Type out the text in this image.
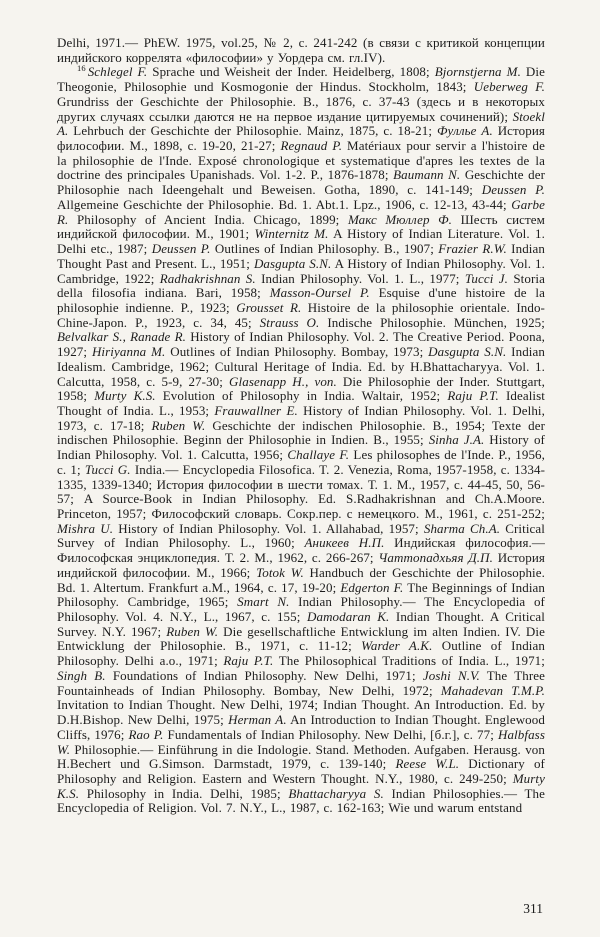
Delhi, 1971.— PhEW. 1975, vol.25, № 2, с. 241-242 (в связи с критикой концепции индийского коррелята «философии» у Уордера см. гл.IV).

$^{16}$ Schlegel F. Sprache und Weisheit der Inder. Heidelberg, 1808; Bjornstjerna M. Die Theogonie, Philosophie und Kosmogonie der Hindus. Stockholm, 1843; Ueberweg F. Grundriss der Geschichte der Philosophie. B., 1876, с. 37-43 (здесь и в некоторых других случаях ссылки даются не на первое издание цитируемых сочинений); Stoekl A. Lehrbuch der Geschichte der Philosophie. Mainz, 1875, с. 18-21; Фуллье А. История философии. М., 1898, с. 19-20, 21-27; Regnaud P. Matériaux pour servir a l'histoire de la philosophie de l'Inde. Exposé chronologique et systematique d'apres les textes de la doctrine des principales Upanishads. Vol. 1-2. P., 1876-1878; Baumann N. Geschichte der Philosophie nach Ideengehalt und Beweisen. Gotha, 1890, с. 141-149; Deussen P. Allgemeine Geschichte der Philosophie. Bd. 1. Abt.1. Lpz., 1906, с. 12-13, 43-44; Garbe R. Philosophy of Ancient India. Chicago, 1899; Макс Мюллер Ф. Шесть систем индийской философии. М., 1901; Winternitz M. A History of Indian Literature. Vol. 1. Delhi etc., 1987; Deussen P. Outlines of Indian Philosophy. B., 1907; Frazier R.W. Indian Thought Past and Present. L., 1951; Dasgupta S.N. A History of Indian Philosophy. Vol. 1. Cambridge, 1922; Radhakrishnan S. Indian Philosophy. Vol. 1. L., 1977; Tucci J. Storia della filosofia indiana. Bari, 1958; Masson-Oursel P. Esquise d'une histoire de la philosophie indienne. P., 1923; Grousset R. Histoire de la philosophie orientale. Indo-Chine-Japon. P., 1923, с. 34, 45; Strauss O. Indische Philosophie. München, 1925; Belvalkar S., Ranade R. History of Indian Philosophy. Vol. 2. The Creative Period. Poona, 1927; Hiriyanna M. Outlines of Indian Philosophy. Bombay, 1973; Dasgupta S.N. Indian Idealism. Cambridge, 1962; Cultural Heritage of India. Ed. by H.Bhattacharyya. Vol. 1. Calcutta, 1958, с. 5-9, 27-30; Glasenapp H., von. Die Philosophie der Inder. Stuttgart, 1958; Murty K.S. Evolution of Philosophy in India. Waltair, 1952; Raju P.T. Idealist Thought of India. L., 1953; Frauwallner E. History of Indian Philosophy. Vol. 1. Delhi, 1973, с. 17-18; Ruben W. Geschichte der indischen Philosophie. B., 1954; Texte der indischen Philosophie. Beginn der Philosophie in Indien. B., 1955; Sinha J.A. History of Indian Philosophy. Vol. 1. Calcutta, 1956; Challaye F. Les philosophes de l'Inde. P., 1956, с. 1; Tucci G. India.— Encyclopedia Filosofica. T. 2. Venezia, Roma, 1957-1958, с. 1334-1335, 1339-1340; История философии в шести томах. Т. 1. М., 1957, с. 44-45, 50, 56-57; A Source-Book in Indian Philosophy. Ed. S.Radhakrishnan and Ch.A.Moore. Princeton, 1957; Философский словарь. Сокр.пер. с немецкого. М., 1961, с. 251-252; Mishra U. History of Indian Philosophy. Vol. 1. Allahabad, 1957; Sharma Ch.A. Critical Survey of Indian Philosophy. L., 1960; Аникеев Н.П. Индийская философия.— Философская энциклопедия. Т. 2. М., 1962, с. 266-267; Чаттопадхьяя Д.П. История индийской философии. М., 1966; Totok W. Handbuch der Geschichte der Philosophie. Bd. 1. Altertum. Frankfurt a.M., 1964, с. 17, 19-20; Edgerton F. The Beginnings of Indian Philosophy. Cambridge, 1965; Smart N. Indian Philosophy.— The Encyclopedia of Philosophy. Vol. 4. N.Y., L., 1967, с. 155; Damodaran K. Indian Thought. A Critical Survey. N.Y. 1967; Ruben W. Die gesellschaftliche Entwicklung im alten Indien. IV. Die Entwicklung der Philosophie. B., 1971, с. 11-12; Warder A.K. Outline of Indian Philosophy. Delhi a.o., 1971; Raju P.T. The Philosophical Traditions of India. L., 1971; Singh B. Foundations of Indian Philosophy. New Delhi, 1971; Joshi N.V. The Three Fountainheads of Indian Philosophy. Bombay, New Delhi, 1972; Mahadevan T.M.P. Invitation to Indian Thought. New Delhi, 1974; Indian Thought. An Introduction. Ed. by D.H.Bishop. New Delhi, 1975; Herman A. An Introduction to Indian Thought. Englewood Cliffs, 1976; Rao P. Fundamentals of Indian Philosophy. New Delhi, [б.г.], с. 77; Halbfass W. Philosophie.— Einführung in die Indologie. Stand. Methoden. Aufgaben. Herausg. von H.Bechert und G.Simson. Darmstadt, 1979, с. 139-140; Reese W.L. Dictionary of Philosophy and Religion. Eastern and Western Thought. N.Y., 1980, с. 249-250; Murty K.S. Philosophy in India. Delhi, 1985; Bhattacharyya S. Indian Philosophies.— The Encyclopedia of Religion. Vol. 7. N.Y., L., 1987, с. 162-163; Wie und warum entstand

311
